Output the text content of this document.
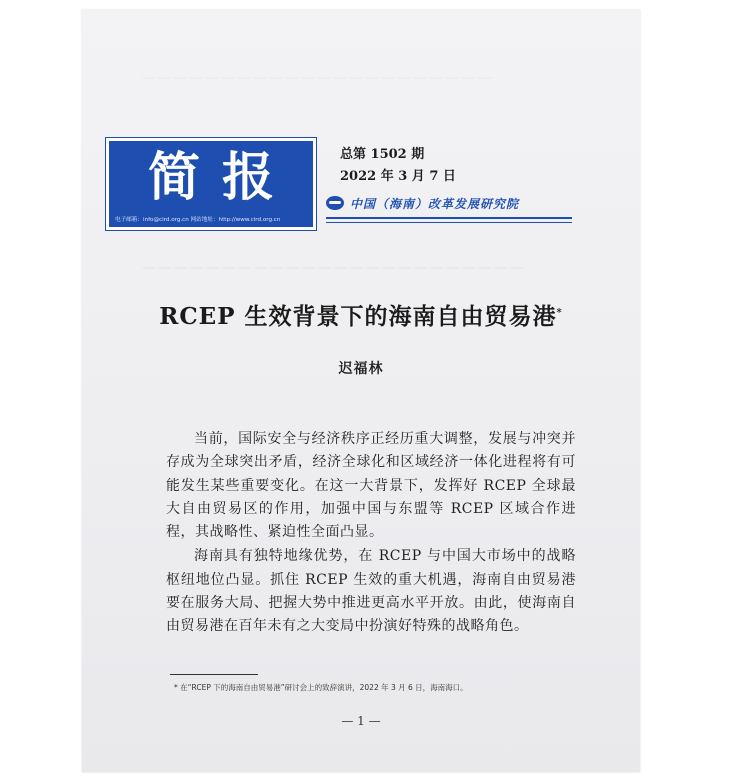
——————————————————————
————————————————————————
简报
电子邮箱：info@cird.org.cn 网站地址：http://www.cird.org.cn
总第 1502 期
2022 年 3 月 7 日
中国（海南）改革发展研究院
RCEP 生效背景下的海南自由贸易港*
迟福林

当前，国际安全与经济秩序正经历重大调整，发展与冲突并存成为全球突出矛盾，经济全球化和区域经济一体化进程将有可能发生某些重要变化。在这一大背景下，发挥好 RCEP 全球最大自由贸易区的作用，加强中国与东盟等 RCEP 区域合作进程，其战略性、紧迫性全面凸显。

海南具有独特地缘优势，在 RCEP 与中国大市场中的战略枢纽地位凸显。抓住 RCEP 生效的重大机遇，海南自由贸易港要在服务大局、把握大势中推进更高水平开放。由此，使海南自由贸易港在百年未有之大变局中扮演好特殊的战略角色。

* 在“RCEP 下的海南自由贸易港”研讨会上的致辞演讲，2022 年 3 月 6 日，海南海口。
— 1 —
